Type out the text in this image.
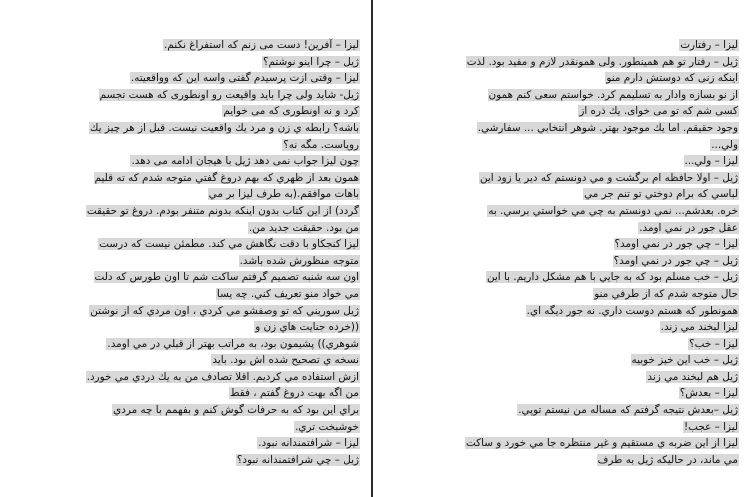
لیزا – آفرین! دست می زنم که استفراغ نکنم.
ژیل – چرا اینو نوشتم؟
لیزا – وقتی ازت پرسیدم گفتی واسه این که وواقعیته.
ژیل- شاید ولی چرا باید واقیعت رو اونطوری که هست تجسم
کرد و نه اونطوری که می خوایم
باشه؟ رابطه ي زن و مرد يك واقعيت نيست. قبل از هر چيز يك
روياست. مگه نه؟
چون لیزا جواب نمی دهد ژیل با هیجان ادامه می دهد.
همون بعد از ظهري كه بهم دروغ گفتي متوجه شدم كه ته قليم
باهات موافقم.(به طرف ليزا بر مي
گردد) از اين كتاب بدون اينكه بدونم متنفر بودم. دروغ تو حقيقت
من بود. حقيقت جديد من.
ليزا كنجكاو با دقت نگاهش مي كند. مطمئن نيست كه درست
متوجه منظورش شده باشد.
اون سه شنبه تصميم گرفتم ساكت شم تا اون طورس كه دلت
مي خواد منو تعريف كني. چه يسا
ژيل سوريني كه تو وصفشو مي كردي ، اون مردي كه از نوشتن
((خرده جنايت هاي زن و
شوهري)) پشيمون بود، به مراتب بهتر از قبلي در مي اومد.
نسخه ي تصحيح شده اش بود. بايد
ازش استفاده مي كرديم. اقلا تصادف من به يك دردي مي خورد.
من اگه بهت دروغ گفتم ، فقط
براي اين بود كه به حرفات گوش كنم و بفهمم با چه مردي
خوشبخت تري.
ليزا – شرافتمندانه نبود.
ژيل – چي شرافتمندانه نبود؟
لیزا – رفتارت
ژیل – رفتار تو هم همینطور. ولی همونقدر لازم و مفید بود. لذت
اینکه زنی که دوستش دارم منو
از نو بسازه وادار به تسلیمم کرد. خواستم سعی کنم همون
کسی شم که تو می خوای. يك ذره از
وجود حقيقم. اما يك موجود بهتر. شوهر انتخابي ... سفارشي.
ولي...
ليزا – ولي...
ژيل – اولا حافظه ام برگشت و مي دونستم كه دير يا زود اين
لباسي كه برام دوختي تو تنم جر مي
خره. بعدشم... نمي دونستم به چي مي خواستي برسي. به
عقل جور در نمي اومد.
ليزا – چي جور در نمي اومد؟
ژيل – چي جور در نمي اومد؟
ژيل – خب مسلم بود كه به جايي با هم مشكل داريم. با اين
حال متوجه شدم كه از طرفي منو
همونطور كه هستم دوست داري. نه جور ديگه اي.
ليزا لبخند مي زند.
ليزا – خب؟
ژيل – خب اين خيز خوبيه
ژيل هم لبخند مي زند
ليزا – بعدش؟
ژيل –بعدش نتيجه گرفتم كه مساله من نيستم توپي.
ليزا – عجب!
ليزا از اين ضربه ي مستقيم و غير منتظره جا مي خورد و ساكت
مي ماند، در حاليكه ژيل به طرف
